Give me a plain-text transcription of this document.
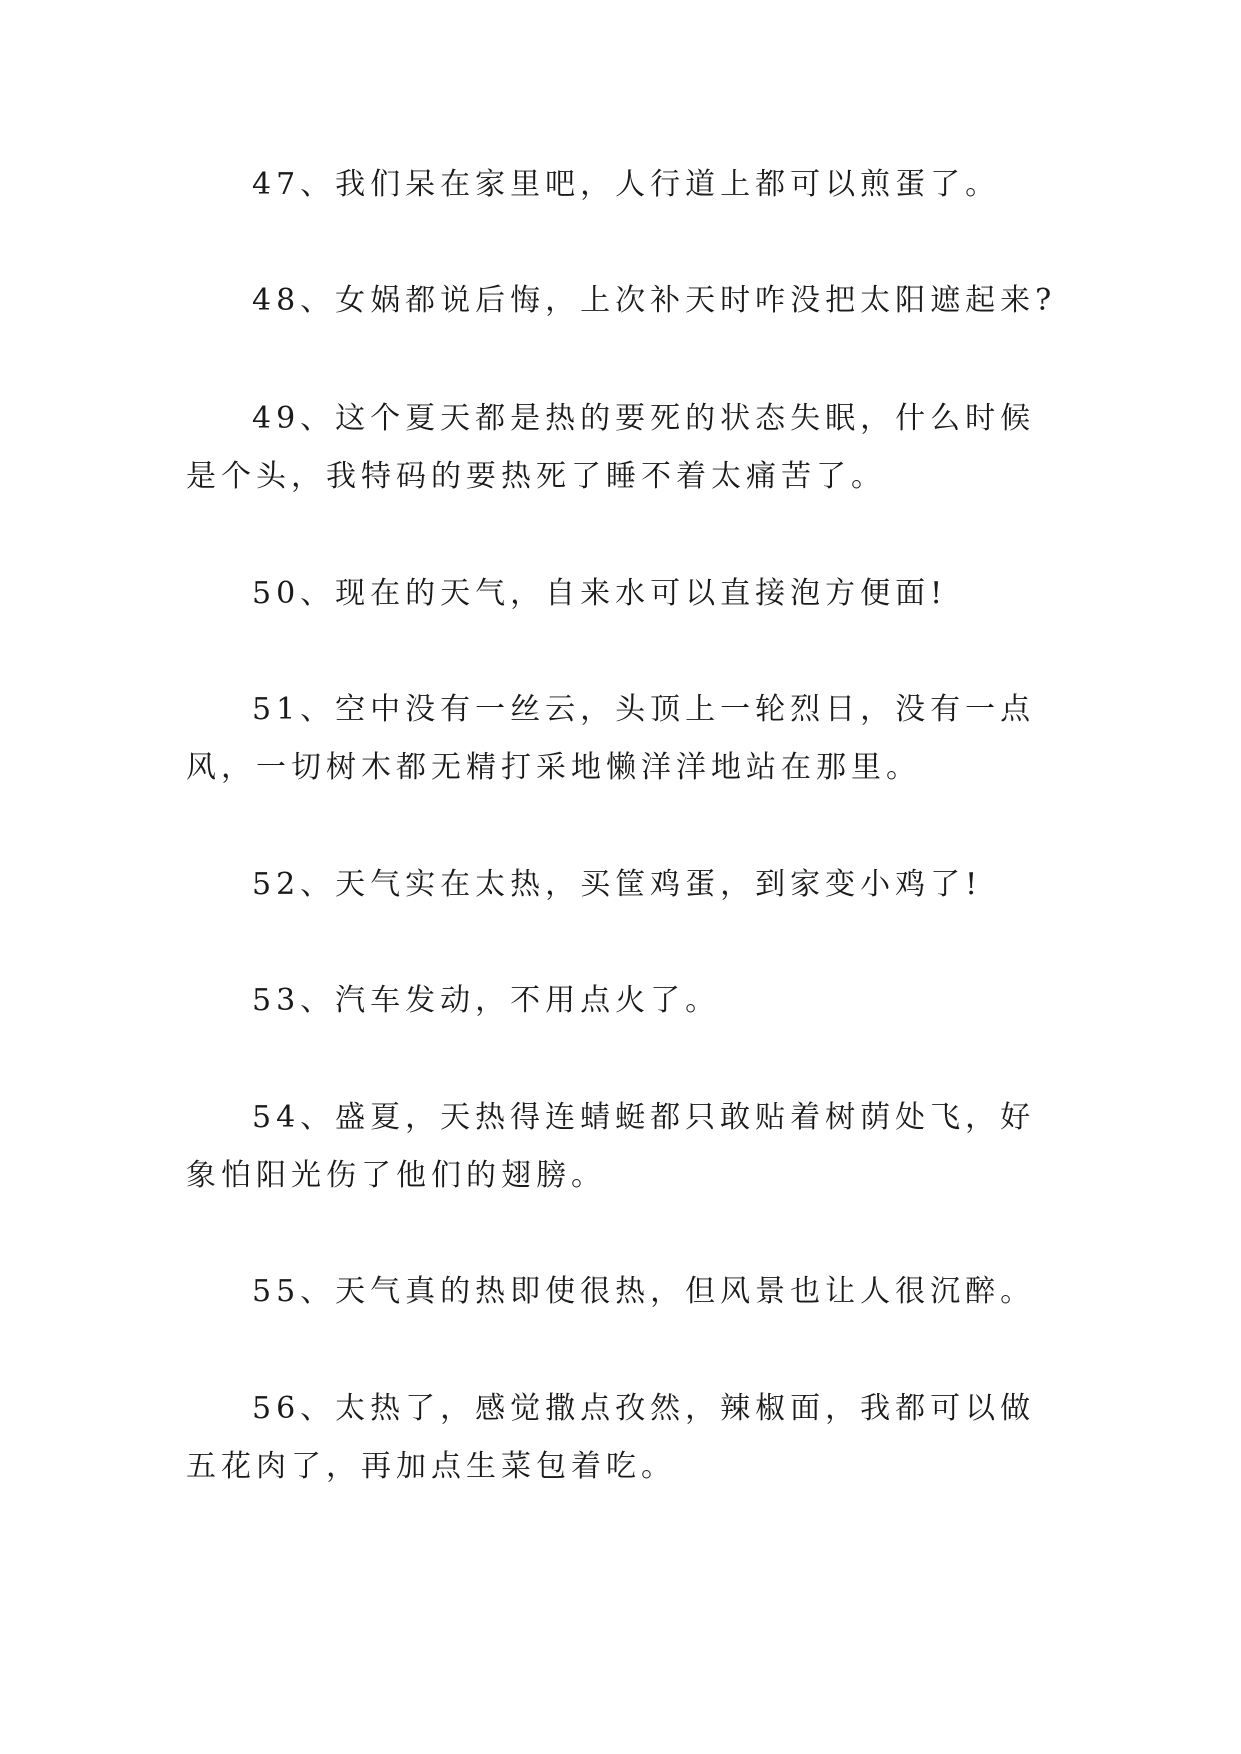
47、我们呆在家里吧，人行道上都可以煎蛋了。

48、女娲都说后悔，上次补天时咋没把太阳遮起来?

49、这个夏天都是热的要死的状态失眠，什么时候是个头，我特码的要热死了睡不着太痛苦了。

50、现在的天气，自来水可以直接泡方便面!

51、空中没有一丝云，头顶上一轮烈日，没有一点风，一切树木都无精打采地懒洋洋地站在那里。

52、天气实在太热，买筐鸡蛋，到家变小鸡了!

53、汽车发动，不用点火了。

54、盛夏，天热得连蜻蜓都只敢贴着树荫处飞，好象怕阳光伤了他们的翅膀。

55、天气真的热即使很热，但风景也让人很沉醉。

56、太热了，感觉撒点孜然，辣椒面，我都可以做五花肉了，再加点生菜包着吃。
